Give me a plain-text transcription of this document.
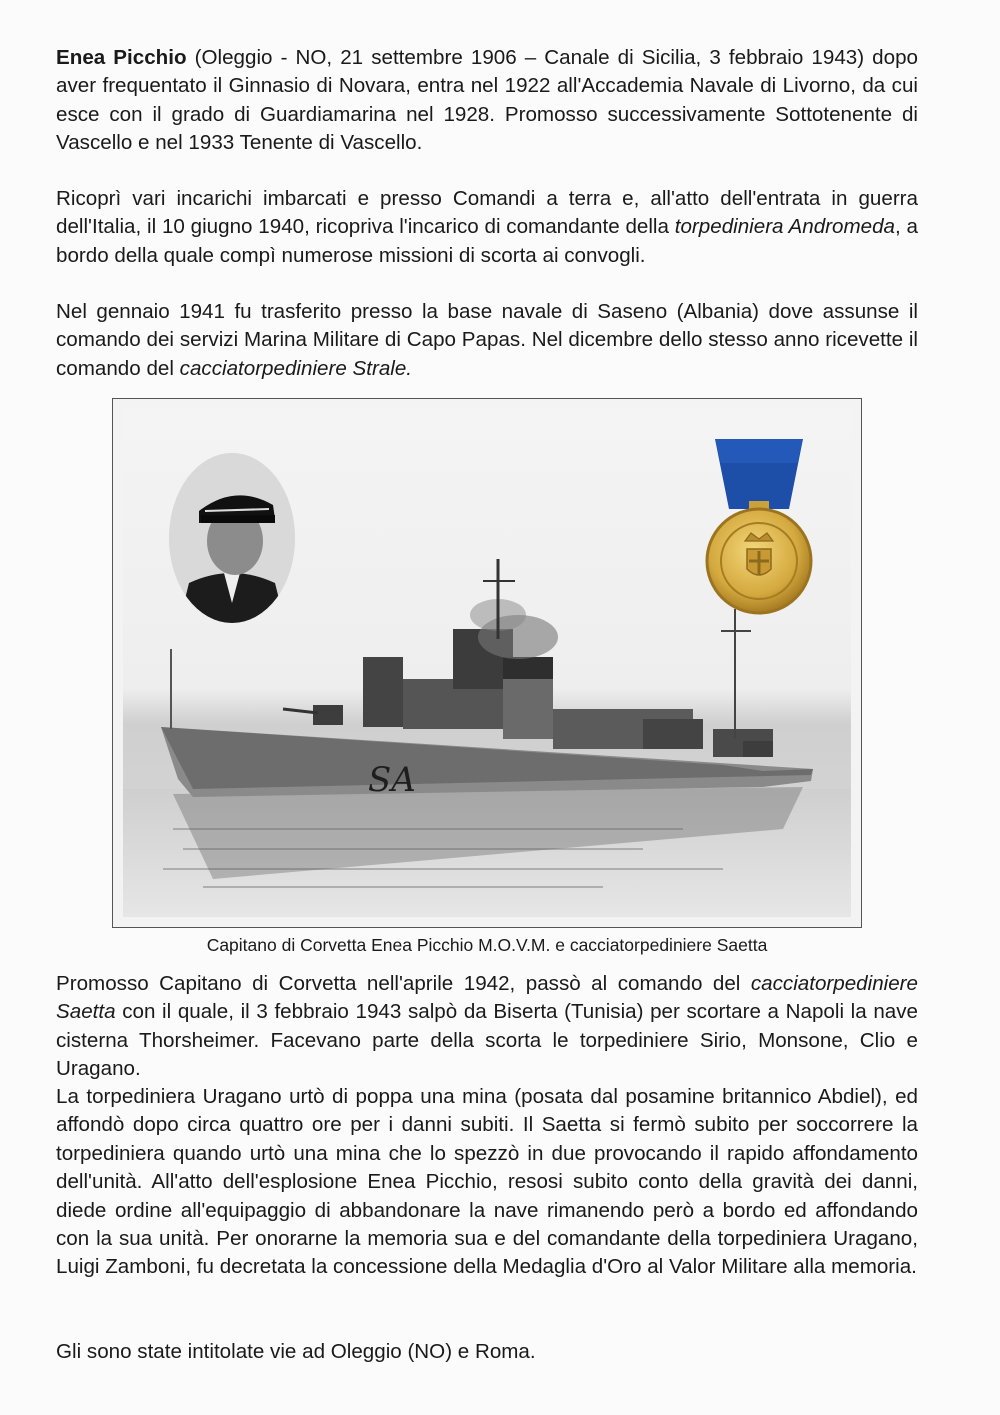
Enea Picchio (Oleggio - NO, 21 settembre 1906 – Canale di Sicilia, 3 febbraio 1943) dopo aver frequentato il Ginnasio di Novara, entra nel 1922 all'Accademia Navale di Livorno, da cui esce con il grado di Guardiamarina nel 1928. Promosso successivamente Sottotenente di Vascello e nel 1933 Tenente di Vascello.

Ricoprì vari incarichi imbarcati e presso Comandi a terra e, all'atto dell'entrata in guerra dell'Italia, il 10 giugno 1940, ricopriva l'incarico di comandante della torpediniera Andromeda, a bordo della quale compì numerose missioni di scorta ai convogli.

Nel gennaio 1941 fu trasferito presso la base navale di Saseno (Albania) dove assunse il comando dei servizi Marina Militare di Capo Papas. Nel dicembre dello stesso anno ricevette il comando del cacciatorpediniere Strale.

SA
Capitano di Corvetta Enea Picchio M.O.V.M. e cacciatorpediniere Saetta

Promosso Capitano di Corvetta nell'aprile 1942, passò al comando del cacciatorpediniere Saetta con il quale, il 3 febbraio 1943 salpò da Biserta (Tunisia) per scortare a Napoli la nave cisterna Thorsheimer. Facevano parte della scorta le torpediniere Sirio, Monsone, Clio e Uragano.

La torpediniera Uragano urtò di poppa una mina (posata dal posamine britannico Abdiel), ed affondò dopo circa quattro ore per i danni subiti. Il Saetta si fermò subito per soccorrere la torpediniera quando urtò una mina che lo spezzò in due provocando il rapido affondamento dell'unità. All'atto dell'esplosione Enea Picchio, resosi subito conto della gravità dei danni, diede ordine all'equipaggio di abbandonare la nave rimanendo però a bordo ed affondando con la sua unità. Per onorarne la memoria sua e del comandante della torpediniera Uragano, Luigi Zamboni, fu decretata la concessione della Medaglia d'Oro al Valor Militare alla memoria.

Gli sono state intitolate vie ad Oleggio (NO) e Roma.
